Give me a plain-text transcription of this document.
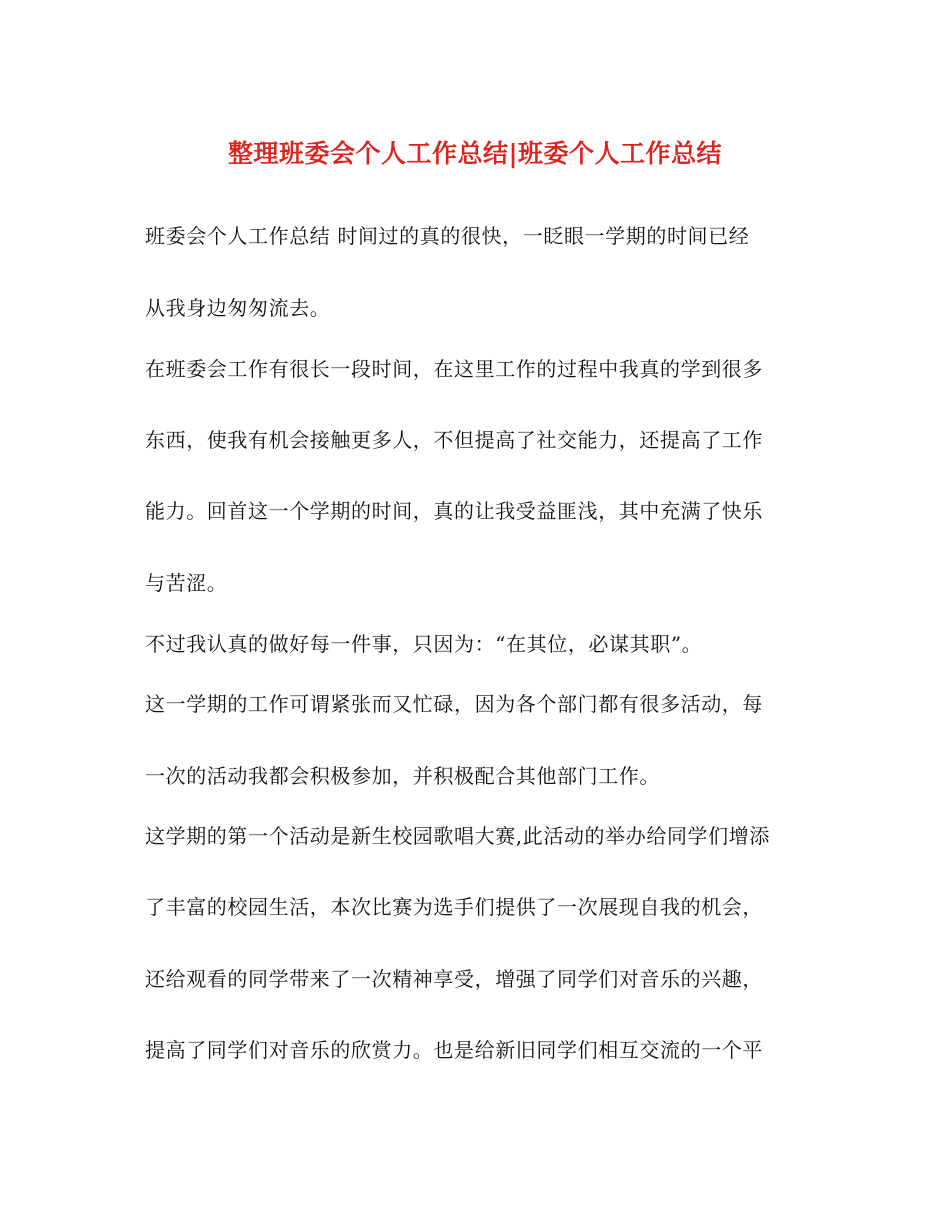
整理班委会个人工作总结|班委个人工作总结
班委会个人工作总结 时间过的真的很快，一眨眼一学期的时间已经
从我身边匆匆流去。
在班委会工作有很长一段时间，在这里工作的过程中我真的学到很多
东西，使我有机会接触更多人，不但提高了社交能力，还提高了工作
能力。回首这一个学期的时间，真的让我受益匪浅，其中充满了快乐
与苦涩。
不过我认真的做好每一件事，只因为：“在其位，必谋其职”。
这一学期的工作可谓紧张而又忙碌，因为各个部门都有很多活动，每
一次的活动我都会积极参加，并积极配合其他部门工作。
这学期的第一个活动是新生校园歌唱大赛,此活动的举办给同学们增添
了丰富的校园生活，本次比赛为选手们提供了一次展现自我的机会，
还给观看的同学带来了一次精神享受，增强了同学们对音乐的兴趣，
提高了同学们对音乐的欣赏力。也是给新旧同学们相互交流的一个平
